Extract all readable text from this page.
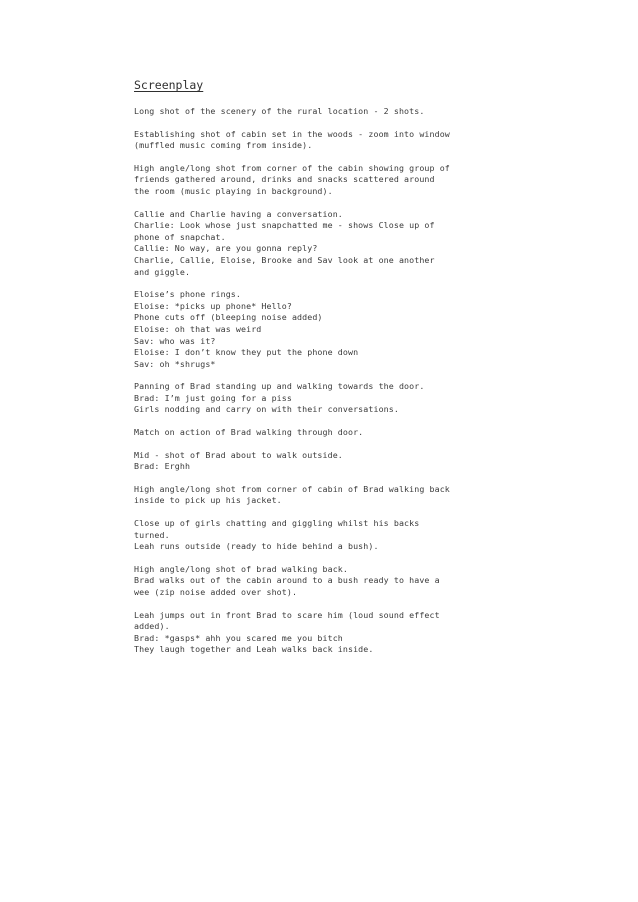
Screenplay
Long shot of the scenery of the rural location - 2 shots.
Establishing shot of cabin set in the woods - zoom into window
(muffled music coming from inside).
High angle/long shot from corner of the cabin showing group of
friends gathered around, drinks and snacks scattered around
the room (music playing in background).
Callie and Charlie having a conversation.
Charlie: Look whose just snapchatted me - shows Close up of
phone of snapchat.
Callie: No way, are you gonna reply?
Charlie, Callie, Eloise, Brooke and Sav look at one another
and giggle.
Eloise’s phone rings.
Eloise: *picks up phone* Hello?
Phone cuts off (bleeping noise added)
Eloise: oh that was weird
Sav: who was it?
Eloise: I don’t know they put the phone down
Sav: oh *shrugs*
Panning of Brad standing up and walking towards the door.
Brad: I’m just going for a piss
Girls nodding and carry on with their conversations.
Match on action of Brad walking through door.
Mid - shot of Brad about to walk outside.
Brad: Erghh
High angle/long shot from corner of cabin of Brad walking back
inside to pick up his jacket.
Close up of girls chatting and giggling whilst his backs
turned.
Leah runs outside (ready to hide behind a bush).
High angle/long shot of brad walking back.
Brad walks out of the cabin around to a bush ready to have a
wee (zip noise added over shot).
Leah jumps out in front Brad to scare him (loud sound effect
added).
Brad: *gasps* ahh you scared me you bitch
They laugh together and Leah walks back inside.
